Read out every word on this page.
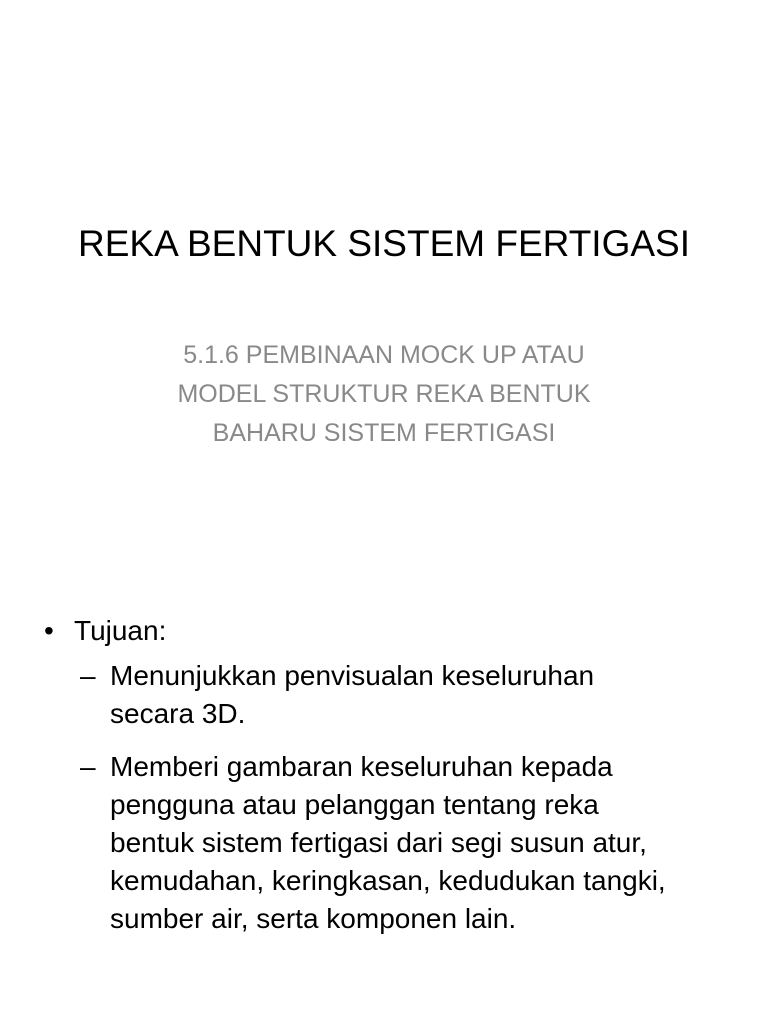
REKA BENTUK SISTEM FERTIGASI
5.1.6 PEMBINAAN MOCK UP ATAU
MODEL STRUKTUR REKA BENTUK
BAHARU SISTEM FERTIGASI
• Tujuan:
– Menunjukkan penvisualan keseluruhan
secara 3D.
– Memberi gambaran keseluruhan kepada
pengguna atau pelanggan tentang reka
bentuk sistem fertigasi dari segi susun atur,
kemudahan, keringkasan, kedudukan tangki,
sumber air, serta komponen lain.
